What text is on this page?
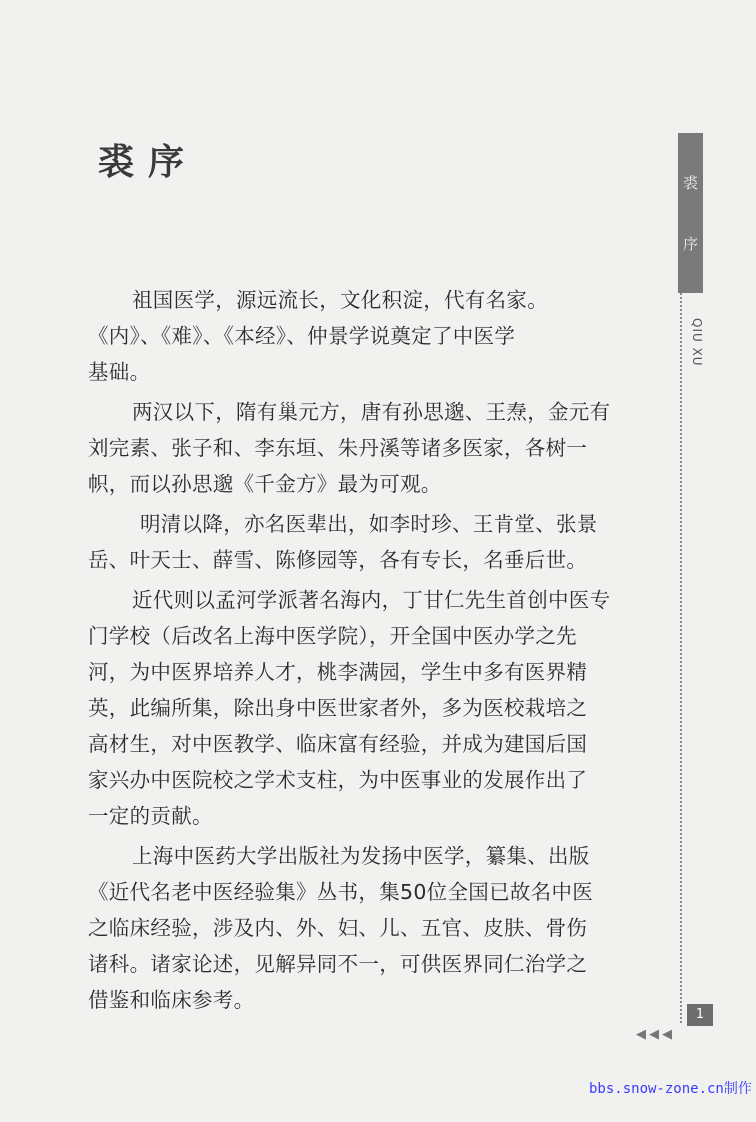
裘序
祖国医学，源远流长，文化积淀，代有名家。
《内》、《难》、《本经》、仲景学说奠定了中医学
基础。
两汉以下，隋有巢元方，唐有孙思邈、王焘，金元有
刘完素、张子和、李东垣、朱丹溪等诸多医家，各树一
帜，而以孙思邈《千金方》最为可观。
明清以降，亦名医辈出，如李时珍、王肯堂、张景
岳、叶天士、薛雪、陈修园等，各有专长，名垂后世。
近代则以孟河学派著名海内，丁甘仁先生首创中医专
门学校（后改名上海中医学院），开全国中医办学之先
河，为中医界培养人才，桃李满园，学生中多有医界精
英，此编所集，除出身中医世家者外，多为医校栽培之
高材生，对中医教学、临床富有经验，并成为建国后国
家兴办中医院校之学术支柱，为中医事业的发展作出了
一定的贡献。
上海中医药大学出版社为发扬中医学，纂集、出版
《近代名老中医经验集》丛书，集50位全国已故名中医
之临床经验，涉及内、外、妇、儿、五官、皮肤、骨伤
诸科。诸家论述，见解异同不一，可供医界同仁治学之
借鉴和临床参考。
裘
序
QIU XU
1
◀◀◀
bbs.snow-zone.cn制作
